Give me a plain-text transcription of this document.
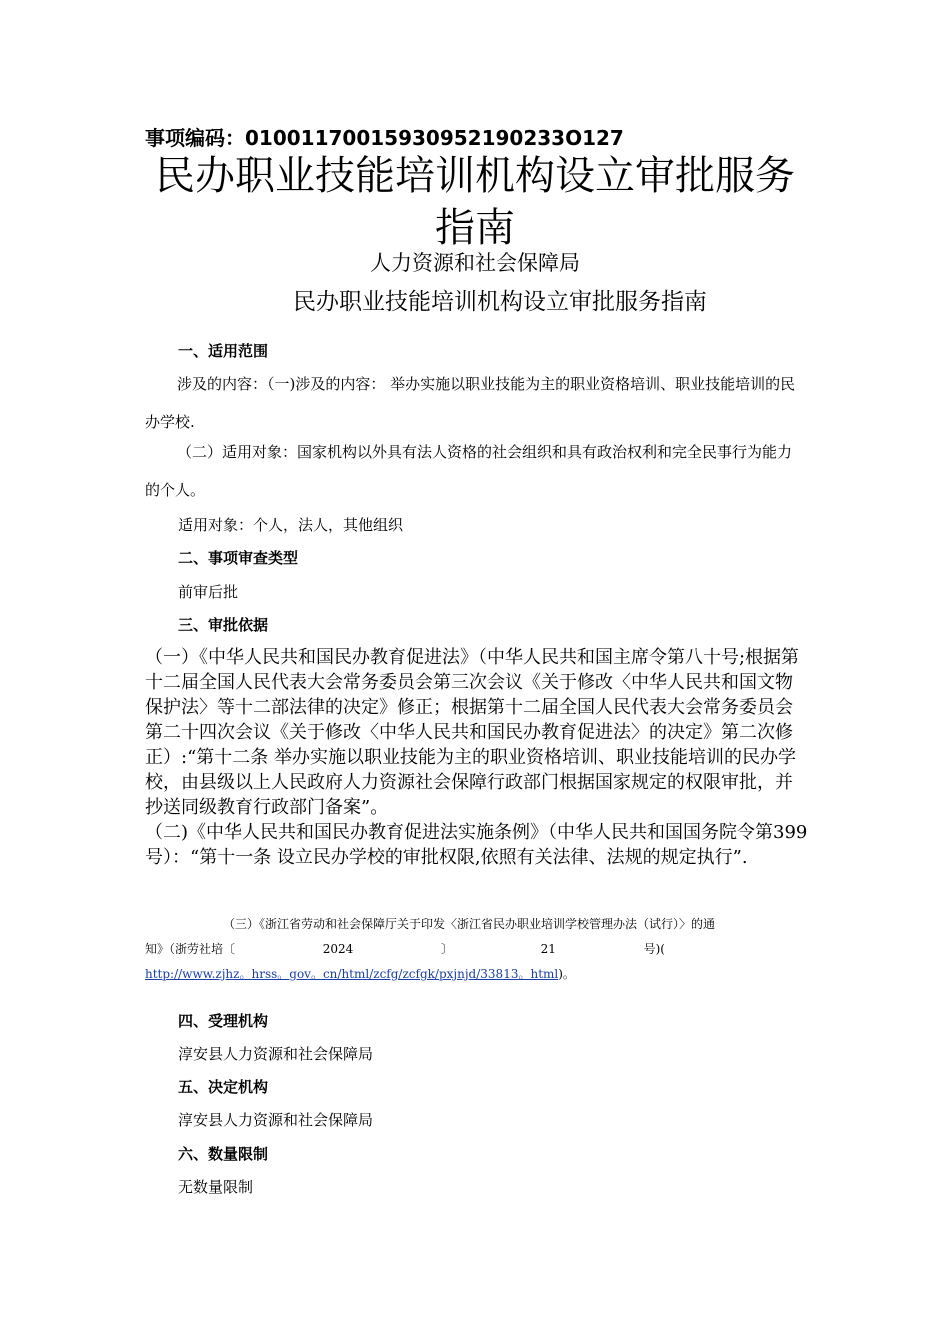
事项编码：01001170015930952190233O127
民办职业技能培训机构设立审批服务指南
人力资源和社会保障局
民办职业技能培训机构设立审批服务指南
一、适用范围
涉及的内容：（一)涉及的内容： 举办实施以职业技能为主的职业资格培训、职业技能培训的民办学校.
（二）适用对象：国家机构以外具有法人资格的社会组织和具有政治权利和完全民事行为能力的个人。
适用对象：个人，法人，其他组织
二、事项审查类型
前审后批
三、审批依据
（一）《中华人民共和国民办教育促进法》（中华人民共和国主席令第八十号;根据第十二届全国人民代表大会常务委员会第三次会议《关于修改〈中华人民共和国文物保护法〉等十二部法律的决定》修正；根据第十二届全国人民代表大会常务委员会第二十四次会议《关于修改〈中华人民共和国民办教育促进法〉的决定》第二次修正）:“第十二条 举办实施以职业技能为主的职业资格培训、职业技能培训的民办学校，由县级以上人民政府人力资源社会保障行政部门根据国家规定的权限审批，并抄送同级教育行政部门备案”。
（二)《中华人民共和国民办教育促进法实施条例》（中华人民共和国国务院令第399号）：“第十一条 设立民办学校的审批权限,依照有关法律、法规的规定执行”.
（三）《浙江省劳动和社会保障厅关于印发〈浙江省民办职业培训学校管理办法（试行）〉的通
知》（浙劳社培〔	2024	〕	21	号)(
http://www.zjhz。hrss。gov。cn/html/zcfg/zcfgk/pxjnjd/33813。html)。
四、受理机构
淳安县人力资源和社会保障局
五、决定机构
淳安县人力资源和社会保障局
六、数量限制
无数量限制
